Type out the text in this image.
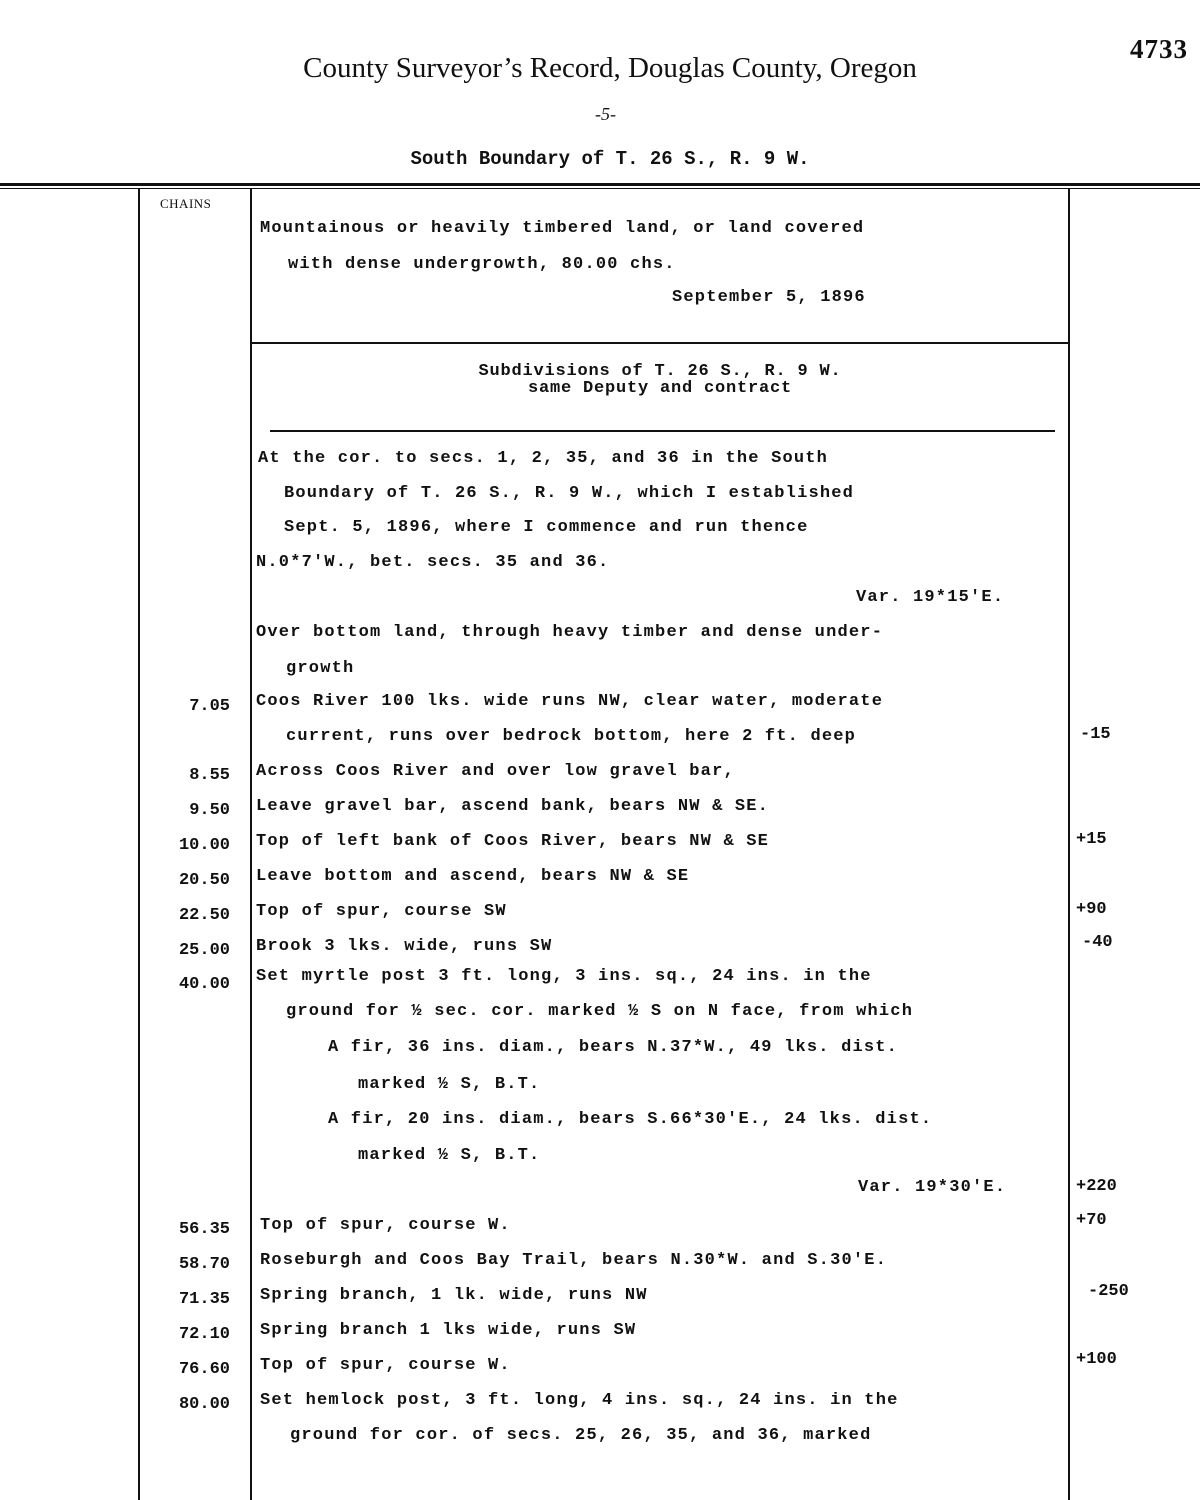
County Surveyor’s Record, Douglas County, Oregon
4733
-5-
South Boundary of T. 26 S., R. 9 W.
CHAINS
Mountainous or heavily timbered land, or land covered
with dense undergrowth, 80.00 chs.
September 5, 1896
Subdivisions of T. 26 S., R. 9 W.
same Deputy and contract
At the cor. to secs. 1, 2, 35, and 36 in the South
Boundary of T. 26 S., R. 9 W., which I established
Sept. 5, 1896, where I commence and run thence
N.0*7'W., bet. secs. 35 and 36.
Var. 19*15'E.
Over bottom land, through heavy timber and dense under-
growth
7.05
8.55
9.50
10.00
20.50
22.50
25.00
40.00
56.35
58.70
71.35
72.10
76.60
80.00
Coos River 100 lks. wide runs NW, clear water, moderate
current, runs over bedrock bottom, here 2 ft. deep
Across Coos River and over low gravel bar,
Leave gravel bar, ascend bank, bears NW & SE.
Top of left bank of Coos River, bears NW & SE
Leave bottom and ascend, bears NW & SE
Top of spur, course SW
Brook 3 lks. wide, runs SW
Set myrtle post 3 ft. long, 3 ins. sq., 24 ins. in the
ground for ½ sec. cor. marked ½ S on N face, from which
A fir, 36 ins. diam., bears N.37*W., 49 lks. dist.
marked ½ S, B.T.
A fir, 20 ins. diam., bears S.66*30'E., 24 lks. dist.
marked ½ S, B.T.
Var. 19*30'E.
Top of spur, course W.
Roseburgh and Coos Bay Trail, bears N.30*W. and S.30'E.
Spring branch, 1 lk. wide, runs NW
Spring branch 1 lks wide, runs SW
Top of spur, course W.
Set hemlock post, 3 ft. long, 4 ins. sq., 24 ins. in the
ground for cor. of secs. 25, 26, 35, and 36, marked
-15
+15
+90
-40
+220
+70
-250
+100
